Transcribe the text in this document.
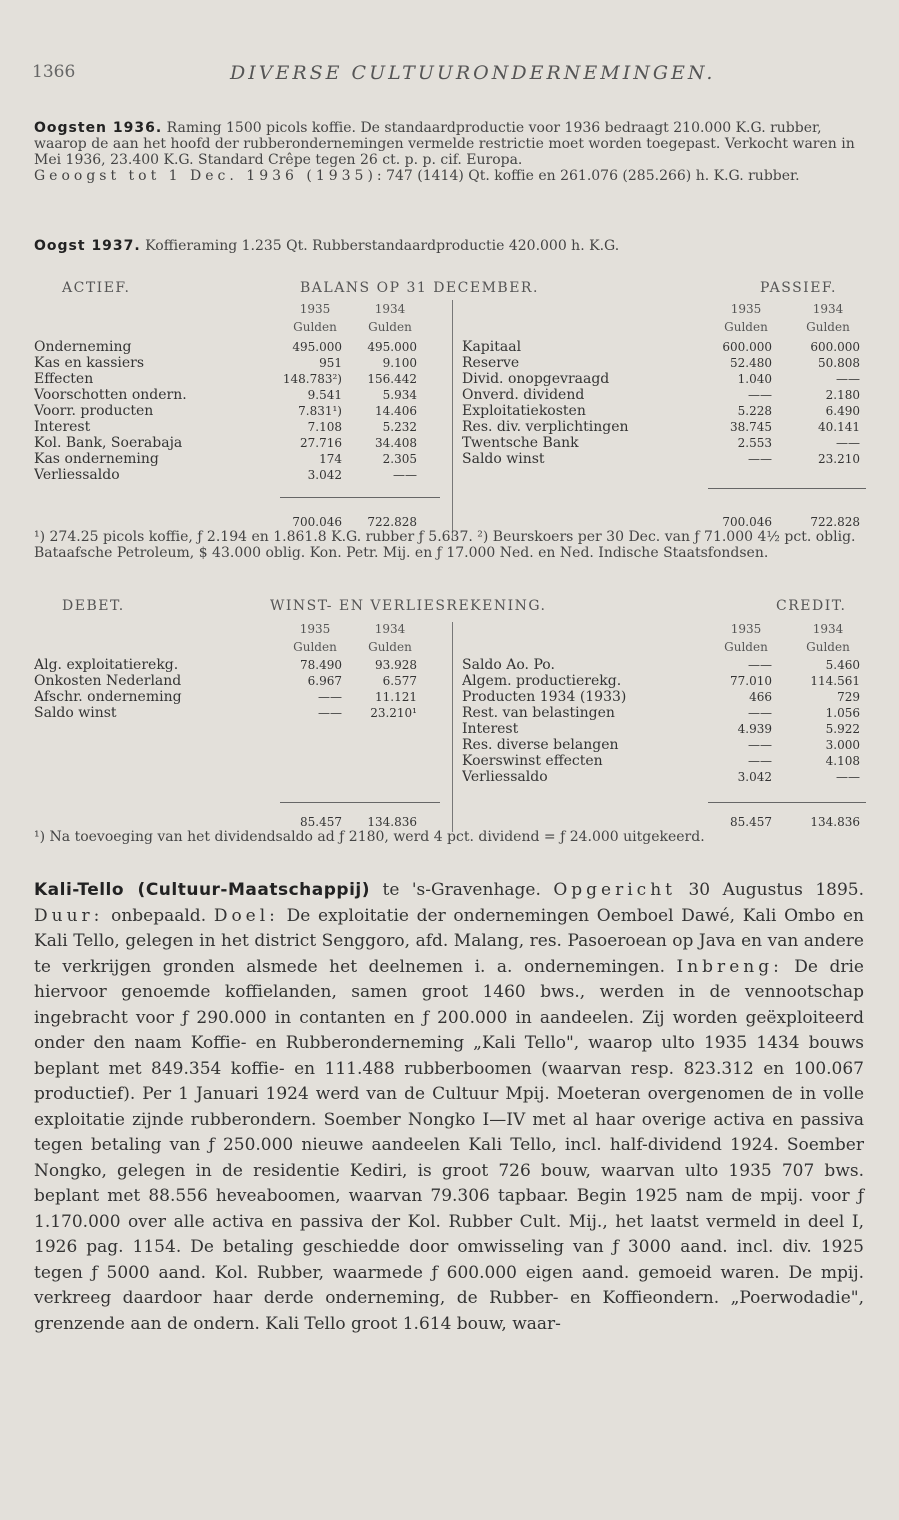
1366	DIVERSE CULTUURONDERNEMINGEN.

Oogsten 1936. Raming 1500 picols koffie. De standaardproductie voor 1936 bedraagt 210.000 K.G. rubber, waarop de aan het hoofd der rubberondernemingen vermelde restrictie moet worden toegepast. Verkocht waren in Mei 1936, 23.400 K.G. Standard Crêpe tegen 26 ct. p. p. cif. Europa.
Geoogst tot 1 Dec. 1936 (1935): 747 (1414) Qt. koffie en 261.076 (285.266) h. K.G. rubber.

Oogst 1937. Koffieraming 1.235 Qt. Rubberstandaardproductie 420.000 h. K.G.

ACTIEF.	BALANS OP 31 DECEMBER.	PASSIEF.
1935	1934
Gulden	Gulden
1935	1934
Gulden	Gulden
Onderneming	495.000	495.000
Kas en kassiers	951	9.100
Effecten	148.783²)	156.442
Voorschotten ondern.	9.541	5.934
Voorr. producten	7.831¹)	14.406
Interest	7.108	5.232
Kol. Bank, Soerabaja	27.716	34.408
Kas onderneming	174	2.305
Verliessaldo	3.042	——
Kapitaal	600.000	600.000
Reserve	52.480	50.808
Divid. onopgevraagd	1.040	——
Onverd. dividend	——	2.180
Exploitatiekosten	5.228	6.490
Res. div. verplichtingen	38.745	40.141
Twentsche Bank	2.553	——
Saldo winst	——	23.210
700.046	722.828	700.046	722.828

¹) 274.25 picols koffie, ƒ 2.194 en 1.861.8 K.G. rubber ƒ 5.637. ²) Beurskoers per 30 Dec. van ƒ 71.000 4½ pct. oblig. Bataafsche Petroleum, $ 43.000 oblig. Kon. Petr. Mij. en ƒ 17.000 Ned. en Ned. Indische Staatsfondsen.

DEBET.	WINST- EN VERLIESREKENING.	CREDIT.
1935	1934
Gulden	Gulden
1935	1934
Gulden	Gulden
Alg. exploitatierekg.	78.490	93.928
Onkosten Nederland	6.967	6.577
Afschr. onderneming	——	11.121
Saldo winst	——	23.210¹
Saldo Ao. Po.	——	5.460
Algem. productierekg.	77.010	114.561
Producten 1934 (1933)	466	729
Rest. van belastingen	——	1.056
Interest	4.939	5.922
Res. diverse belangen	——	3.000
Koerswinst effecten	——	4.108
Verliessaldo	3.042	——
85.457	134.836	85.457	134.836

¹) Na toevoeging van het dividendsaldo ad ƒ 2180, werd 4 pct. dividend = ƒ 24.000 uitgekeerd.

Kali-Tello (Cultuur-Maatschappij) te 's-Gravenhage. Opgericht 30 Augustus 1895. Duur: onbepaald. Doel: De exploitatie der ondernemingen Oemboel Dawé, Kali Ombo en Kali Tello, gelegen in het district Senggoro, afd. Malang, res. Pasoeroean op Java en van andere te verkrijgen gronden alsmede het deelnemen i. a. ondernemingen. Inbreng: De drie hiervoor genoemde koffielanden, samen groot 1460 bws., werden in de vennootschap ingebracht voor ƒ 290.000 in contanten en ƒ 200.000 in aandeelen. Zij worden geëxploiteerd onder den naam Koffie- en Rubberonderneming „Kali Tello", waarop ulto 1935 1434 bouws beplant met 849.354 koffie- en 111.488 rubberboomen (waarvan resp. 823.312 en 100.067 productief). Per 1 Januari 1924 werd van de Cultuur Mpij. Moeteran overgenomen de in volle exploitatie zijnde rubberondern. Soember Nongko I—IV met al haar overige activa en passiva tegen betaling van ƒ 250.000 nieuwe aandeelen Kali Tello, incl. half-dividend 1924. Soember Nongko, gelegen in de residentie Kediri, is groot 726 bouw, waarvan ulto 1935 707 bws. beplant met 88.556 heveaboomen, waarvan 79.306 tapbaar. Begin 1925 nam de mpij. voor ƒ 1.170.000 over alle activa en passiva der Kol. Rubber Cult. Mij., het laatst vermeld in deel I, 1926 pag. 1154. De betaling geschiedde door omwisseling van ƒ 3000 aand. incl. div. 1925 tegen ƒ 5000 aand. Kol. Rubber, waarmede ƒ 600.000 eigen aand. gemoeid waren. De mpij. verkreeg daardoor haar derde onderneming, de Rubber- en Koffieondern. „Poerwodadie", grenzende aan de ondern. Kali Tello groot 1.614 bouw, waar-
